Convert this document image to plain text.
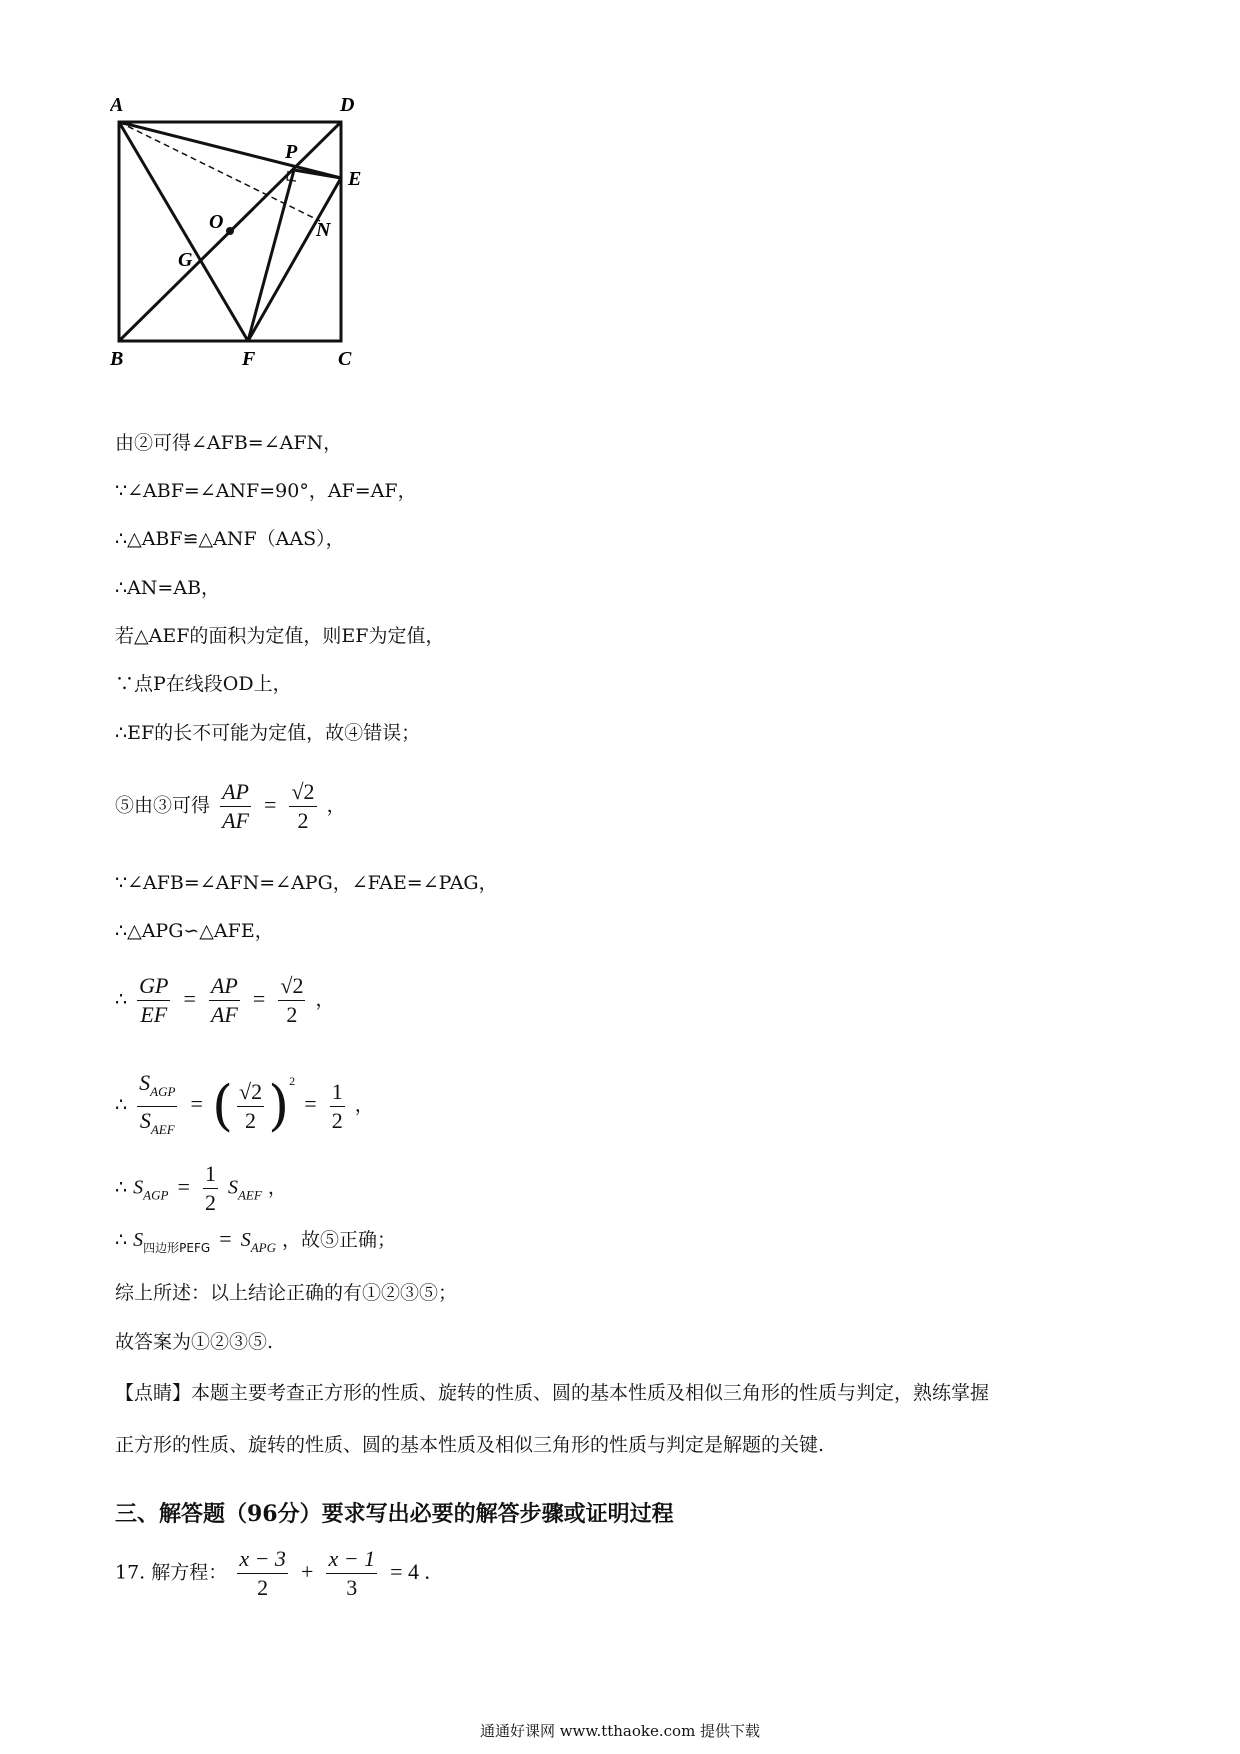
A	D
P
E
O	N
G
B	F	C
由②可得∠AFB=∠AFN，
∵∠ABF=∠ANF=90°，AF=AF，
∴△ABF≌△ANF（AAS），
∴AN=AB，
若△AEF的面积为定值，则EF为定值，
∵点P在线段OD上，
∴EF的长不可能为定值，故④错误；
⑤由③可得 $\frac{AP}{AF} = \frac{√2}{2}$ ，
∵∠AFB=∠AFN=∠APG，∠FAE=∠PAG，
∴△APG∽△AFE，
∴ $\frac{GP}{EF} = \frac{AP}{AF} = \frac{√2}{2}$ ，
∴ $\frac{S_{AGP}}{S_{AEF}}$ = ( $\frac{√2}{2} )^2 = \frac{1}{2}$ ，
∴ $S_{AGP} = \frac{1}{2} S_{AEF}$ ，
∴ $S_{四边形PEFG} = S_{APG}$ ，故⑤正确；
综上所述：以上结论正确的有①②③⑤；
故答案为①②③⑤.
【点睛】本题主要考查正方形的性质、旋转的性质、圆的基本性质及相似三角形的性质与判定，熟练掌握
正方形的性质、旋转的性质、圆的基本性质及相似三角形的性质与判定是解题的关键.
三、解答题（96分）要求写出必要的解答步骤或证明过程
17. 解方程： $\frac{x - 3}{2} + \frac{x - 1}{3} = 4$ .
通通好课网 www.tthaoke.com 提供下载
